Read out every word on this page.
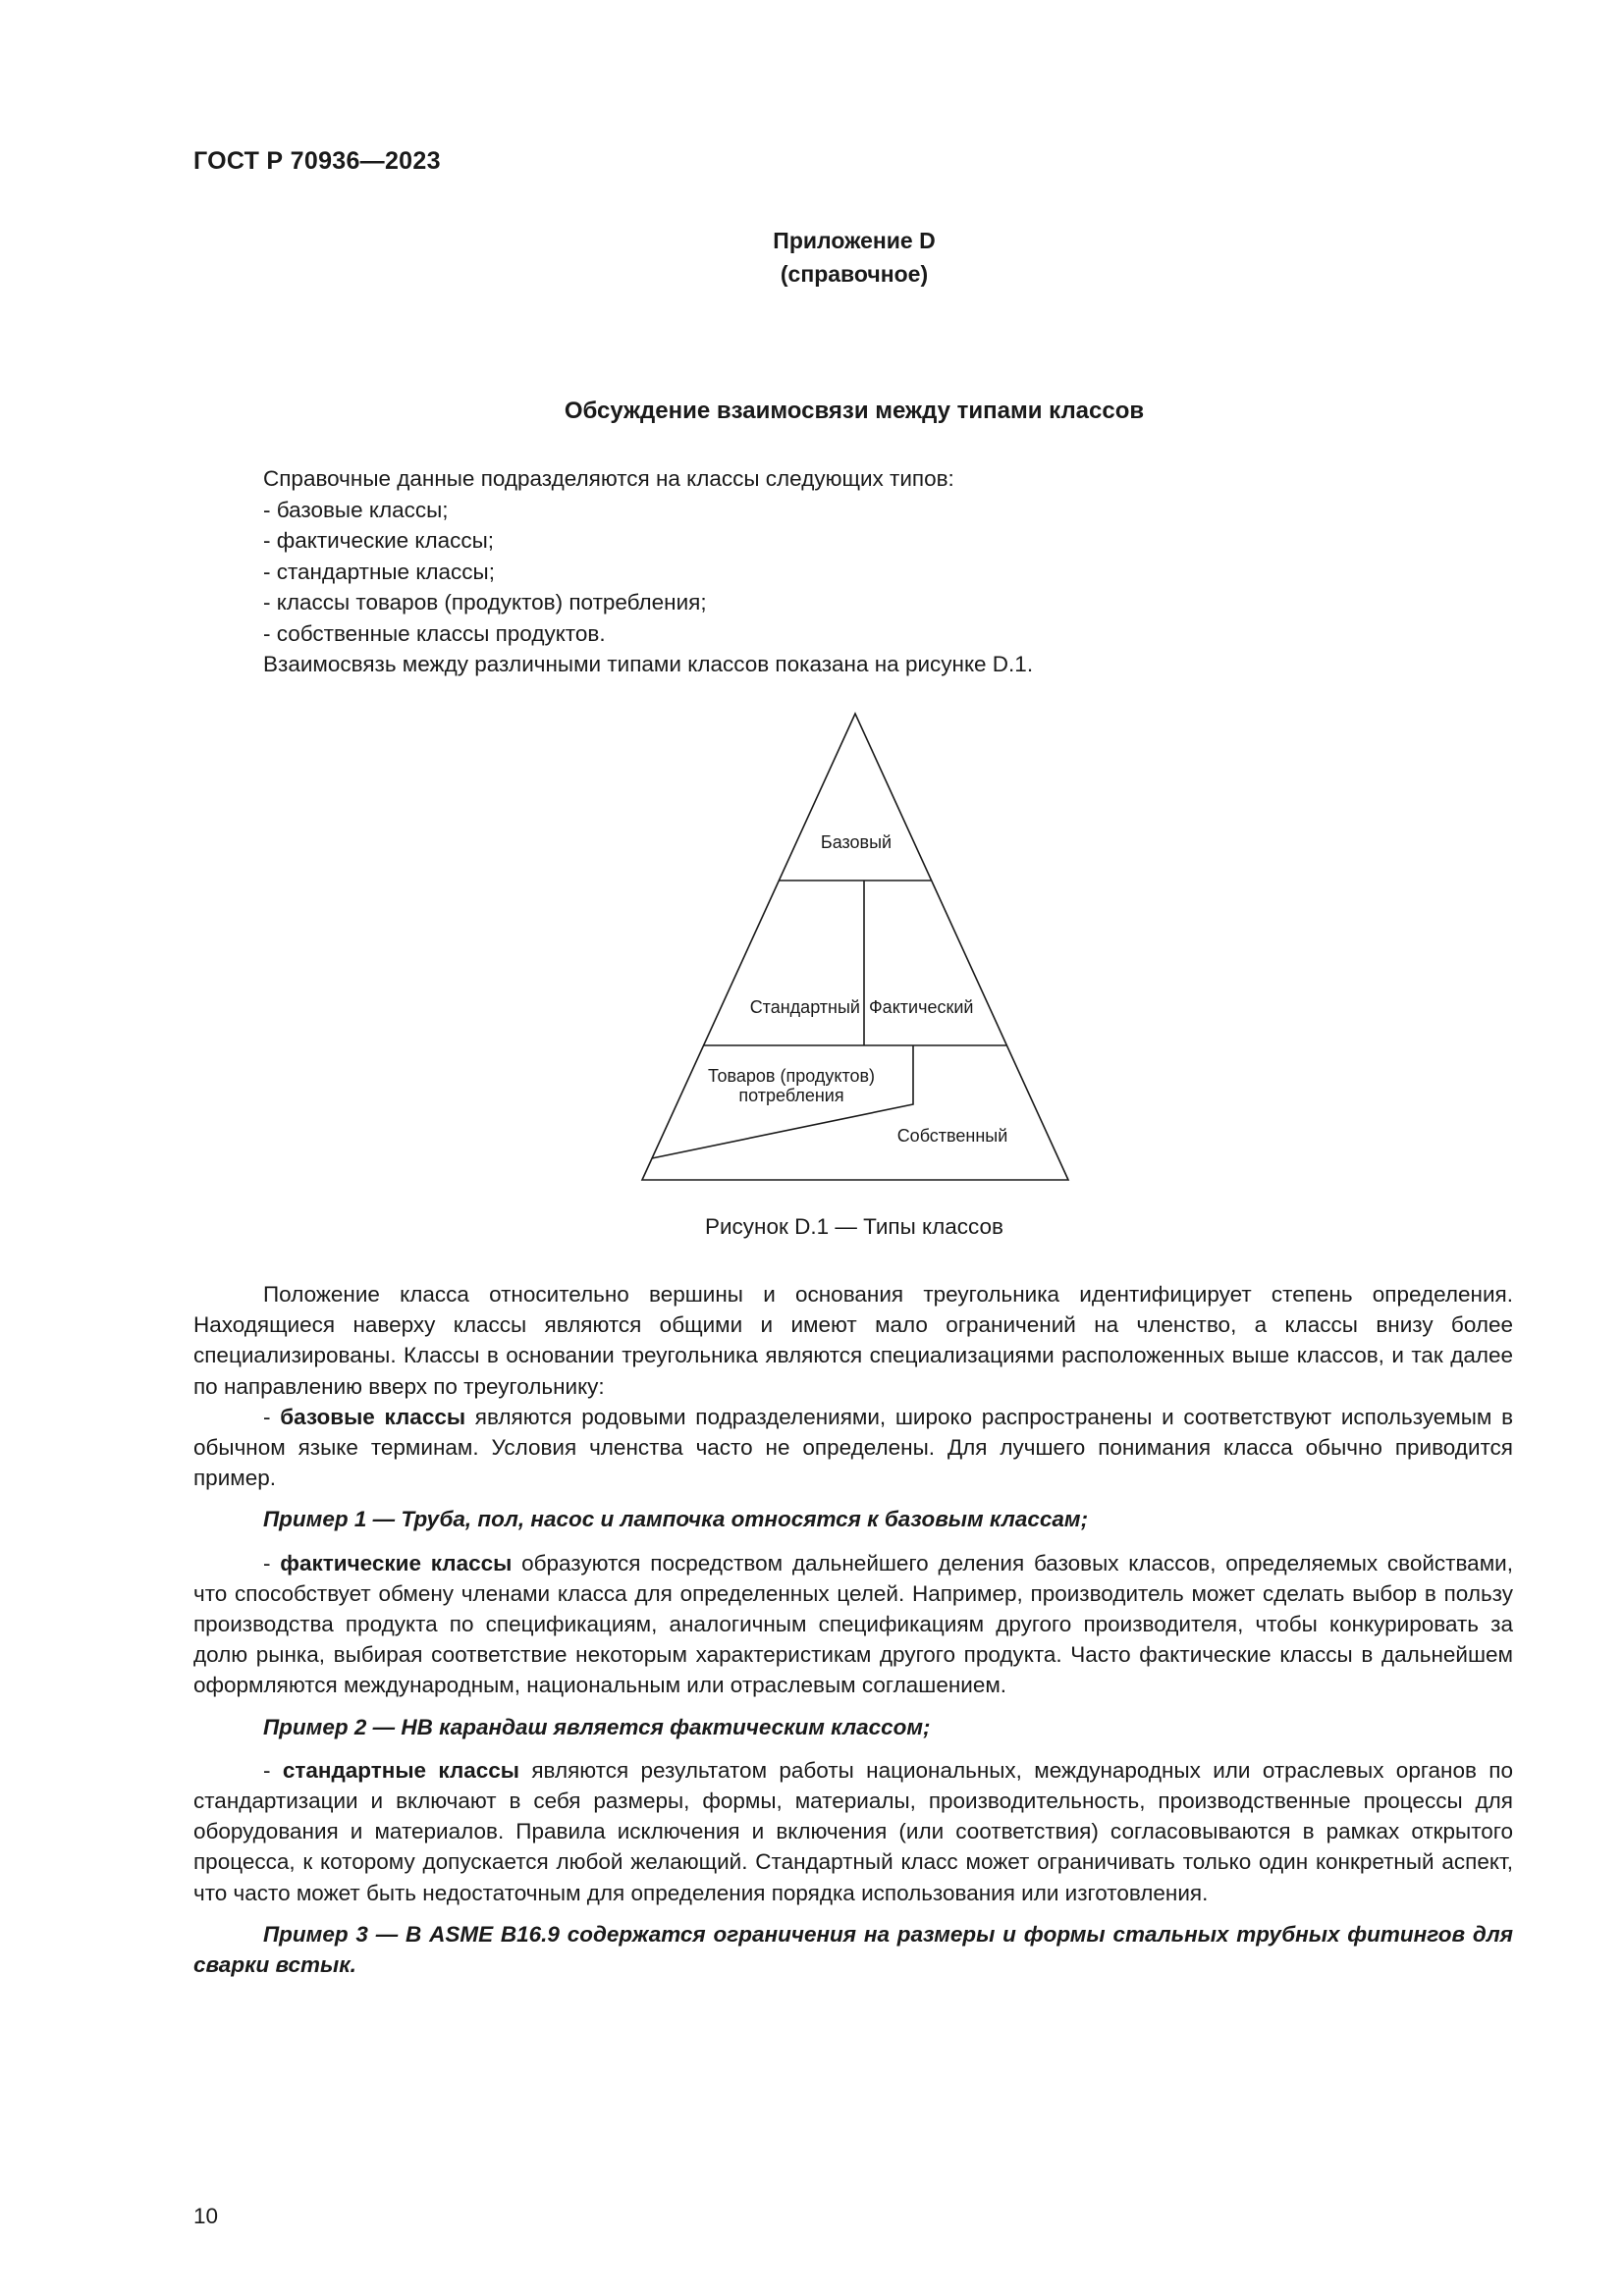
ГОСТ Р 70936—2023
Приложение D
(справочное)
Обсуждение взаимосвязи между типами классов

Справочные данные подразделяются на классы следующих типов:

- базовые классы;

- фактические классы;

- стандартные классы;

- классы товаров (продуктов) потребления;

- собственные классы продуктов.

Взаимосвязь между различными типами классов показана на рисунке D.1.

Базовый
Стандартный Фактический
Товаров (продуктов)
потребления
Собственный
Рисунок D.1 — Типы классов

Положение класса относительно вершины и основания треугольника идентифицирует степень определения. Находящиеся наверху классы являются общими и имеют мало ограничений на членство, а классы внизу более специализированы. Классы в основании треугольника являются специализациями расположенных выше классов, и так далее по направлению вверх по треугольнику:

- базовые классы являются родовыми подразделениями, широко распространены и соответствуют используемым в обычном языке терминам. Условия членства часто не определены. Для лучшего понимания класса обычно приводится пример.

Пример 1 — Труба, пол, насос и лампочка относятся к базовым классам;

- фактические классы образуются посредством дальнейшего деления базовых классов, определяемых свойствами, что способствует обмену членами класса для определенных целей. Например, производитель может сделать выбор в пользу производства продукта по спецификациям, аналогичным спецификациям другого производителя, чтобы конкурировать за долю рынка, выбирая соответствие некоторым характеристикам другого продукта. Часто фактические классы в дальнейшем оформляются международным, национальным или отраслевым соглашением.

Пример 2 — HB карандаш является фактическим классом;

- стандартные классы являются результатом работы национальных, международных или отраслевых органов по стандартизации и включают в себя размеры, формы, материалы, производительность, производственные процессы для оборудования и материалов. Правила исключения и включения (или соответствия) согласовываются в рамках открытого процесса, к которому допускается любой желающий. Стандартный класс может ограничивать только один конкретный аспект, что часто может быть недостаточным для определения порядка использования или изготовления.

Пример 3 — В ASME B16.9 содержатся ограничения на размеры и формы стальных трубных фитингов для сварки встык.

10
